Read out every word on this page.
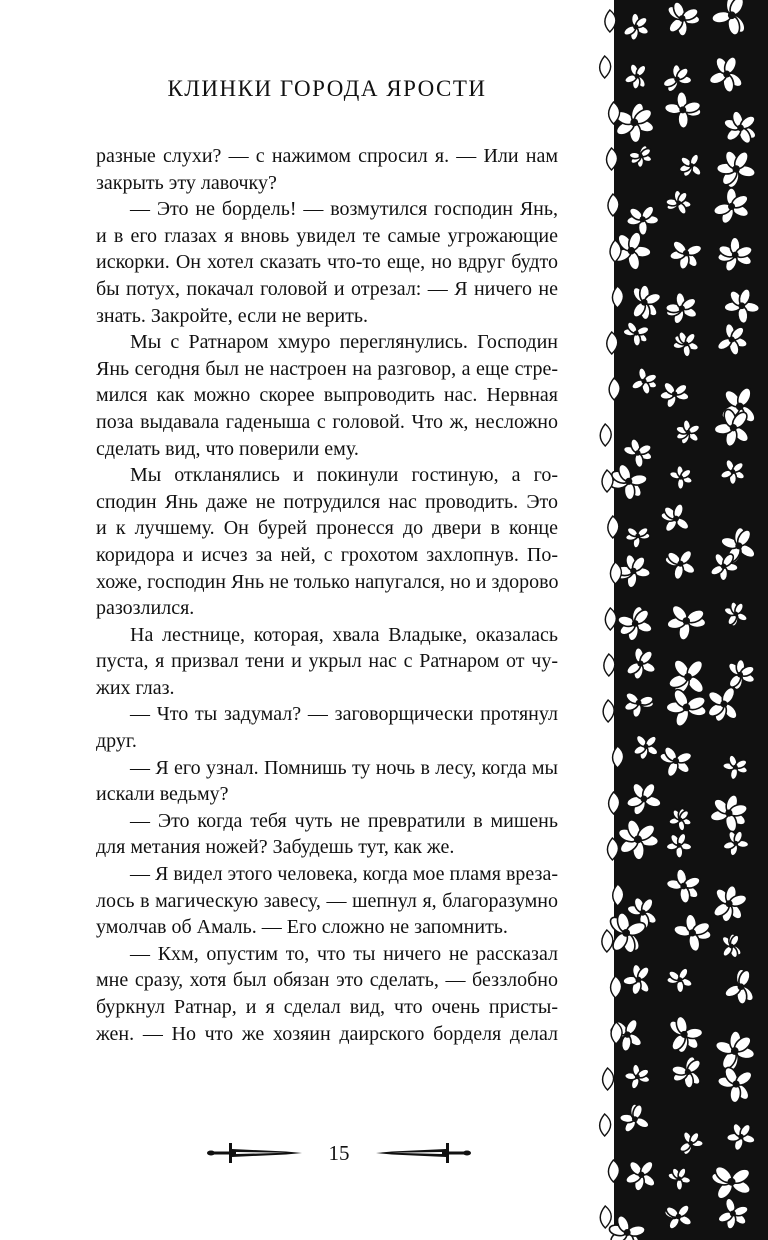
КЛИНКИ ГОРОДА ЯРОСТИ
разные слухи? — с нажимом спросил я. — Или нам
закрыть эту лавочку?
— Это не бордель! — возмутился господин Янь,
и в его глазах я вновь увидел те самые угрожающие
искорки. Он хотел сказать что-то еще, но вдруг будто
бы потух, покачал головой и отрезал: — Я ничего не
знать. Закройте, если не верить.
Мы с Ратнаром хмуро переглянулись. Господин
Янь сегодня был не настроен на разговор, а еще стре-
мился как можно скорее выпроводить нас. Нервная
поза выдавала гаденыша с головой. Что ж, несложно
сделать вид, что поверили ему.
Мы откланялись и покинули гостиную, а го-
сподин Янь даже не потрудился нас проводить. Это
и к лучшему. Он бурей пронесся до двери в конце
коридора и исчез за ней, с грохотом захлопнув. По-
хоже, господин Янь не только напугался, но и здорово
разозлился.
На лестнице, которая, хвала Владыке, оказалась
пуста, я призвал тени и укрыл нас с Ратнаром от чу-
жих глаз.
— Что ты задумал? — заговорщически протянул
друг.
— Я его узнал. Помнишь ту ночь в лесу, когда мы
искали ведьму?
— Это когда тебя чуть не превратили в мишень
для метания ножей? Забудешь тут, как же.
— Я видел этого человека, когда мое пламя вреза-
лось в магическую завесу, — шепнул я, благоразумно
умолчав об Амаль. — Его сложно не запомнить.
— Кхм, опустим то, что ты ничего не рассказал
мне сразу, хотя был обязан это сделать, — беззлобно
буркнул Ратнар, и я сделал вид, что очень присты-
жен. — Но что же хозяин даирского борделя делал
15
